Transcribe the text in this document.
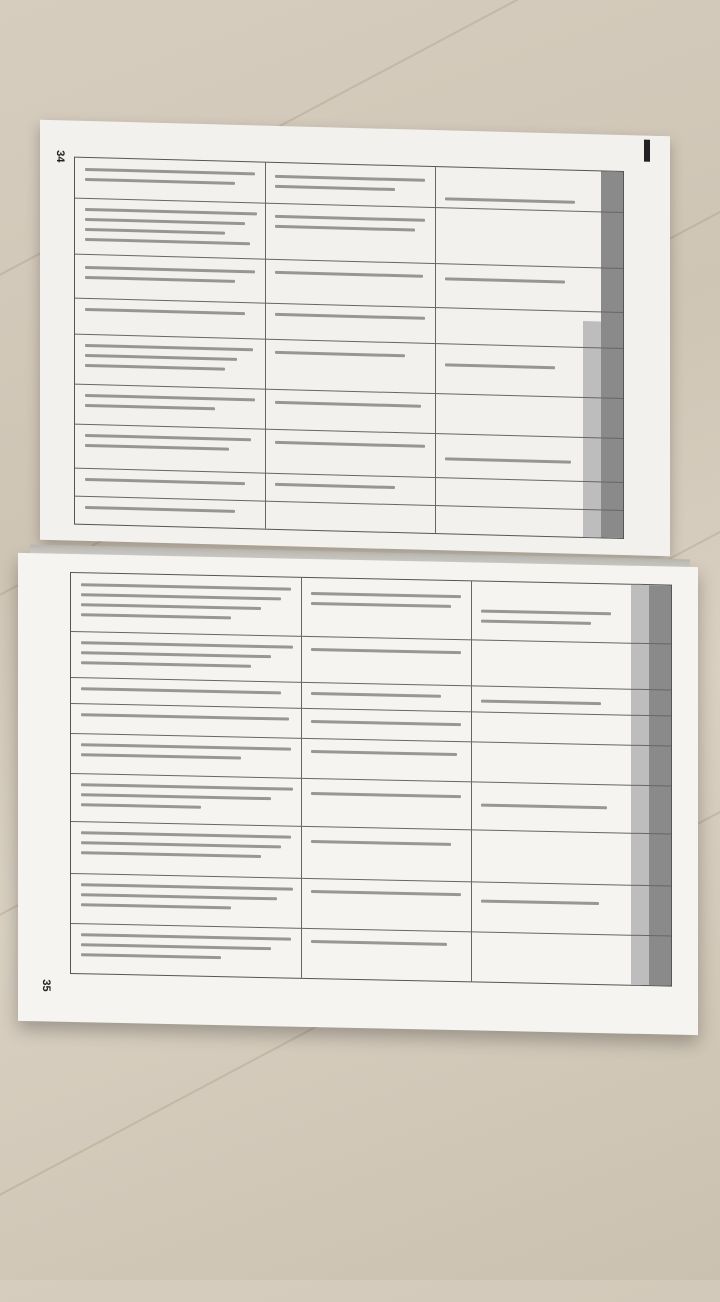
34
35
